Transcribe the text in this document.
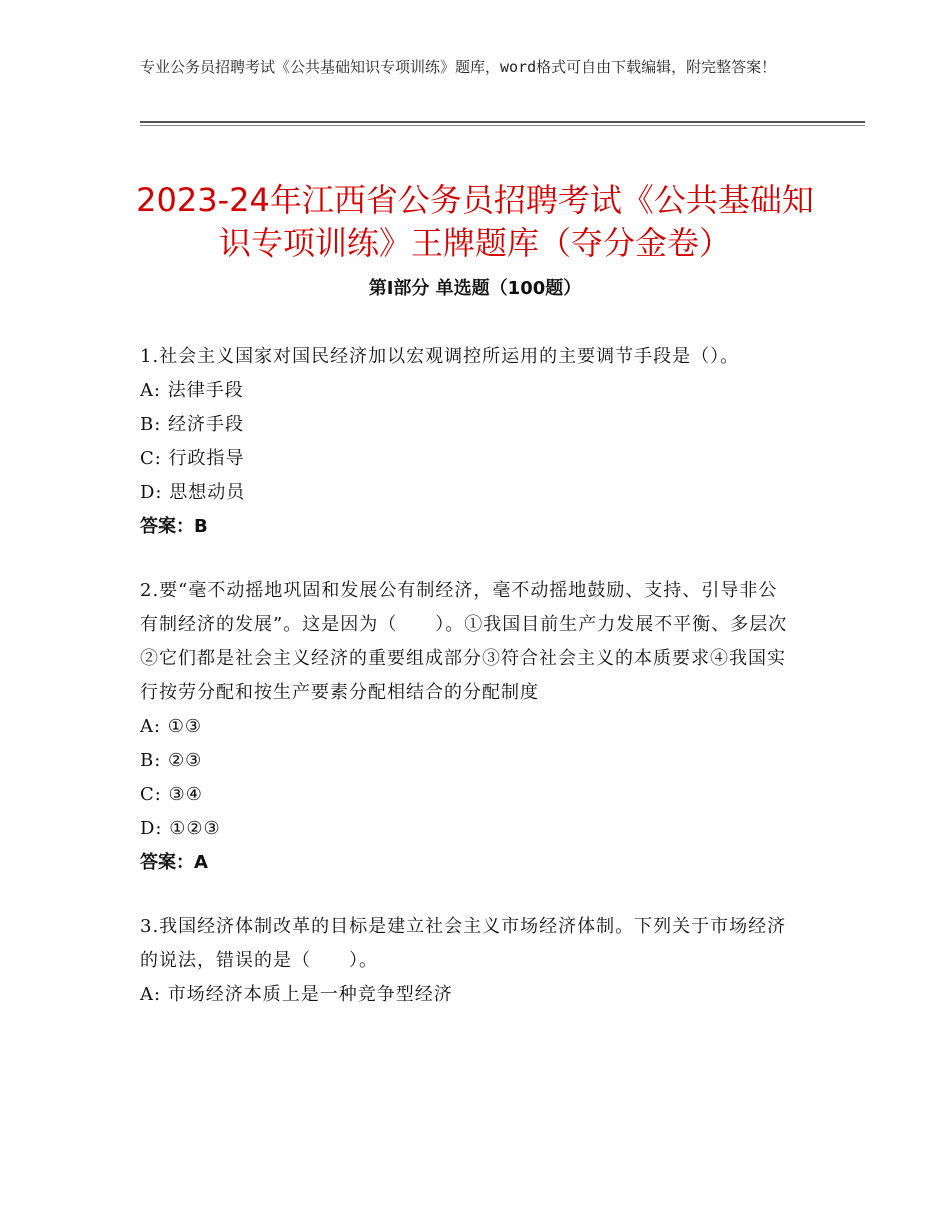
专业公务员招聘考试《公共基础知识专项训练》题库，word格式可自由下载编辑，附完整答案！
2023-24年江西省公务员招聘考试《公共基础知识专项训练》王牌题库（夺分金卷）
第Ⅰ部分 单选题（100题）

1.社会主义国家对国民经济加以宏观调控所运用的主要调节手段是（）。

A: 法律手段

B: 经济手段

C: 行政指导

D: 思想动员

答案：B

2.要“毫不动摇地巩固和发展公有制经济，毫不动摇地鼓励、支持、引导非公有制经济的发展”。这是因为（　　）。①我国目前生产力发展不平衡、多层次②它们都是社会主义经济的重要组成部分③符合社会主义的本质要求④我国实行按劳分配和按生产要素分配相结合的分配制度

A: ①③

B: ②③

C: ③④

D: ①②③

答案：A

3.我国经济体制改革的目标是建立社会主义市场经济体制。下列关于市场经济的说法，错误的是（　　）。

A: 市场经济本质上是一种竞争型经济
